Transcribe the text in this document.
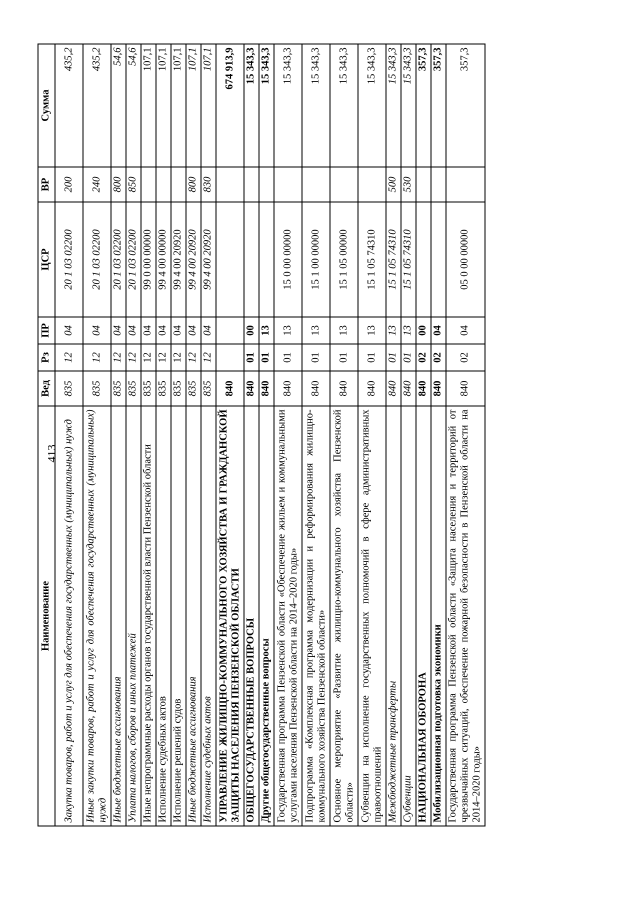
413
Наименование	Вед	Рз	ПР	ЦСР	ВР	Сумма
Закупка товаров, работ и услуг для обеспечения государственных (муниципальных) нужд	835	12	04	20 1 03 02200	200	435,2
Иные закупки товаров, работ и услуг для обеспечения государственных (муниципальных) нужд	835	12	04	20 1 03 02200	240	435,2
Иные бюджетные ассигнования	835	12	04	20 1 03 02200	800	54,6
Уплата налогов, сборов и иных платежей	835	12	04	20 1 03 02200	850	54,6
Иные непрограммные расходы органов государственной власти Пензенской области	835	12	04	99 0 00 00000		107,1
Исполнение судебных актов	835	12	04	99 4 00 00000		107,1
Исполнение решений судов	835	12	04	99 4 00 20920		107,1
Иные бюджетные ассигнования	835	12	04	99 4 00 20920	800	107,1
Исполнение судебных актов	835	12	04	99 4 00 20920	830	107,1
УПРАВЛЕНИЕ ЖИЛИЩНО-КОММУНАЛЬНОГО ХОЗЯЙСТВА И ГРАЖДАНСКОЙ ЗАЩИТЫ НАСЕЛЕНИЯ ПЕНЗЕНСКОЙ ОБЛАСТИ	840					674 913,9
ОБЩЕГОСУДАРСТВЕННЫЕ ВОПРОСЫ	840	01	00			15 343,3
Другие общегосударственные вопросы	840	01	13			15 343,3
Государственная программа Пензенской области «Обеспечение жильем и коммунальными услугами населения Пензенской области на 2014–2020 годы»	840	01	13	15 0 00 00000		15 343,3
Подпрограмма «Комплексная программа модернизации и реформирования жилищно-коммунального хозяйства Пензенской области»	840	01	13	15 1 00 00000		15 343,3
Основное мероприятие «Развитие жилищно-коммунального хозяйства Пензенской области»	840	01	13	15 1 05 00000		15 343,3
Субвенции на исполнение государственных полномочий в сфере административных правоотношений	840	01	13	15 1 05 74310		15 343,3
Межбюджетные трансферты	840	01	13	15 1 05 74310	500	15 343,3
Субвенции	840	01	13	15 1 05 74310	530	15 343,3
НАЦИОНАЛЬНАЯ ОБОРОНА	840	02	00			357,3
Мобилизационная подготовка экономики	840	02	04			357,3
Государственная программа Пензенской области «Защита населения и территорий от чрезвычайных ситуаций, обеспечение пожарной безопасности в Пензенской области на 2014–2020 годы»	840	02	04	05 0 00 00000		357,3
